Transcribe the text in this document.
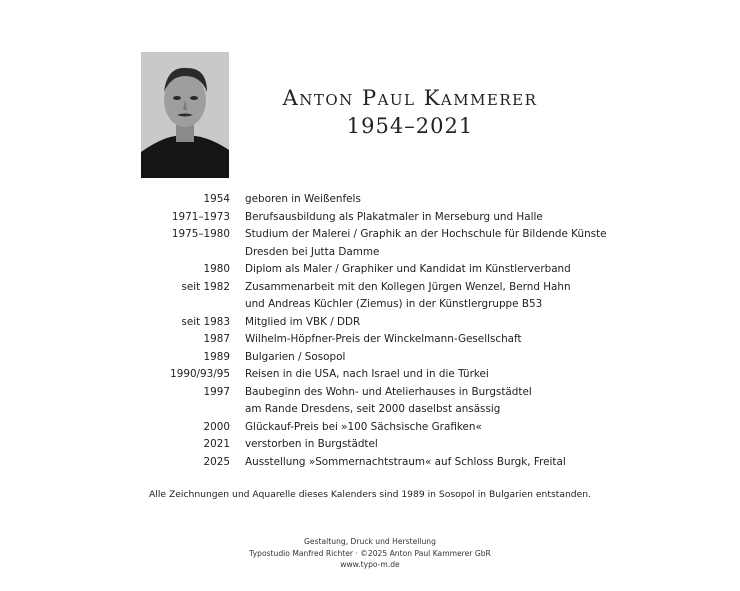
Anton Paul Kammerer
1954–2021
1954 geboren in Weißenfels
1971–1973 Berufsausbildung als Plakatmaler in Merseburg und Halle
1975–1980 Studium der Malerei / Graphik an der Hochschule für Bildende Künste
Dresden bei Jutta Damme
1980 Diplom als Maler / Graphiker und Kandidat im Künstlerverband
seit 1982 Zusammenarbeit mit den Kollegen Jürgen Wenzel, Bernd Hahn
und Andreas Küchler (Ziemus) in der Künstlergruppe B53
seit 1983 Mitglied im VBK / DDR
1987 Wilhelm-Höpfner-Preis der Winckelmann-Gesellschaft
1989 Bulgarien / Sosopol
1990/93/95 Reisen in die USA, nach Israel und in die Türkei
1997 Baubeginn des Wohn- und Atelierhauses in Burgstädtel
am Rande Dresdens, seit 2000 daselbst ansässig
2000 Glückauf-Preis bei »100 Sächsische Grafiken«
2021 verstorben in Burgstädtel
2025 Ausstellung »Sommernachtstraum« auf Schloss Burgk, Freital
Alle Zeichnungen und Aquarelle dieses Kalenders sind 1989 in Sosopol in Bulgarien entstanden.
Gestaltung, Druck und Herstellung
Typostudio Manfred Richter · ©2025 Anton Paul Kammerer GbR
www.typo-m.de
